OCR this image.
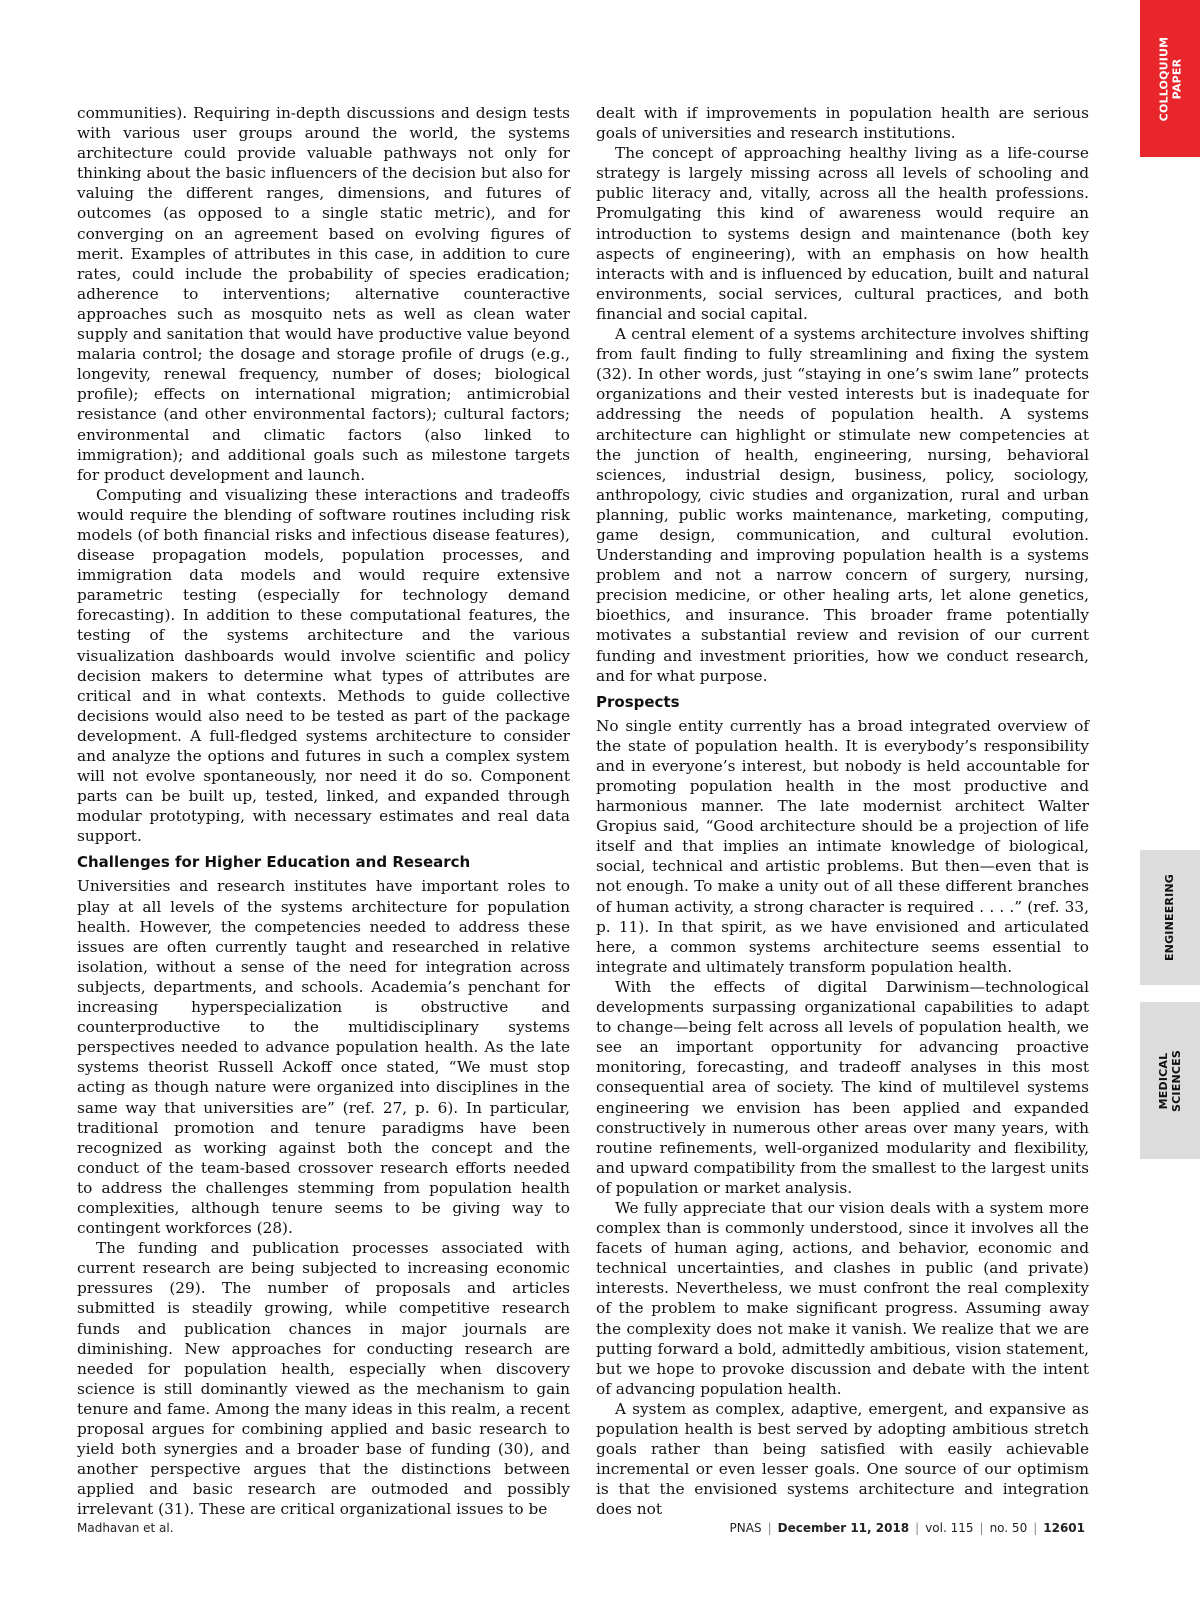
COLLOQUIUM
PAPER
ENGINEERING
MEDICAL SCIENCES

communities). Requiring in-depth discussions and design tests with various user groups around the world, the systems architecture could provide valuable pathways not only for thinking about the basic influencers of the decision but also for valuing the different ranges, dimensions, and futures of outcomes (as opposed to a single static metric), and for converging on an agreement based on evolving figures of merit. Examples of attributes in this case, in addition to cure rates, could include the probability of species eradication; adherence to interventions; alternative counteractive approaches such as mosquito nets as well as clean water supply and sanitation that would have productive value beyond malaria control; the dosage and storage profile of drugs (e.g., longevity, renewal frequency, number of doses; biological profile); effects on international migration; antimicrobial resistance (and other environmental factors); cultural factors; environmental and climatic factors (also linked to immigration); and additional goals such as milestone targets for product development and launch.

Computing and visualizing these interactions and tradeoffs would require the blending of software routines including risk models (of both financial risks and infectious disease features), disease propagation models, population processes, and immigration data models and would require extensive parametric testing (especially for technology demand forecasting). In addition to these computational features, the testing of the systems architecture and the various visualization dashboards would involve scientific and policy decision makers to determine what types of attributes are critical and in what contexts. Methods to guide collective decisions would also need to be tested as part of the package development. A full-fledged systems architecture to consider and analyze the options and futures in such a complex system will not evolve spontaneously, nor need it do so. Component parts can be built up, tested, linked, and expanded through modular prototyping, with necessary estimates and real data support.

Challenges for Higher Education and Research

Universities and research institutes have important roles to play at all levels of the systems architecture for population health. However, the competencies needed to address these issues are often currently taught and researched in relative isolation, without a sense of the need for integration across subjects, departments, and schools. Academia’s penchant for increasing hyperspecialization is obstructive and counterproductive to the multidisciplinary systems perspectives needed to advance population health. As the late systems theorist Russell Ackoff once stated, “We must stop acting as though nature were organized into disciplines in the same way that universities are” (ref. 27, p. 6). In particular, traditional promotion and tenure paradigms have been recognized as working against both the concept and the conduct of the team-based crossover research efforts needed to address the challenges stemming from population health complexities, although tenure seems to be giving way to contingent workforces (28).

The funding and publication processes associated with current research are being subjected to increasing economic pressures (29). The number of proposals and articles submitted is steadily growing, while competitive research funds and publication chances in major journals are diminishing. New approaches for conducting research are needed for population health, especially when discovery science is still dominantly viewed as the mechanism to gain tenure and fame. Among the many ideas in this realm, a recent proposal argues for combining applied and basic research to yield both synergies and a broader base of funding (30), and another perspective argues that the distinctions between applied and basic research are outmoded and possibly irrelevant (31). These are critical organizational issues to be

dealt with if improvements in population health are serious goals of universities and research institutions.

The concept of approaching healthy living as a life-course strategy is largely missing across all levels of schooling and public literacy and, vitally, across all the health professions. Promulgating this kind of awareness would require an introduction to systems design and maintenance (both key aspects of engineering), with an emphasis on how health interacts with and is influenced by education, built and natural environments, social services, cultural practices, and both financial and social capital.

A central element of a systems architecture involves shifting from fault finding to fully streamlining and fixing the system (32). In other words, just “staying in one’s swim lane” protects organizations and their vested interests but is inadequate for addressing the needs of population health. A systems architecture can highlight or stimulate new competencies at the junction of health, engineering, nursing, behavioral sciences, industrial design, business, policy, sociology, anthropology, civic studies and organization, rural and urban planning, public works maintenance, marketing, computing, game design, communication, and cultural evolution. Understanding and improving population health is a systems problem and not a narrow concern of surgery, nursing, precision medicine, or other healing arts, let alone genetics, bioethics, and insurance. This broader frame potentially motivates a substantial review and revision of our current funding and investment priorities, how we conduct research, and for what purpose.

Prospects

No single entity currently has a broad integrated overview of the state of population health. It is everybody’s responsibility and in everyone’s interest, but nobody is held accountable for promoting population health in the most productive and harmonious manner. The late modernist architect Walter Gropius said, “Good architecture should be a projection of life itself and that implies an intimate knowledge of biological, social, technical and artistic problems. But then—even that is not enough. To make a unity out of all these different branches of human activity, a strong character is required . . . .” (ref. 33, p. 11). In that spirit, as we have envisioned and articulated here, a common systems architecture seems essential to integrate and ultimately transform population health.

With the effects of digital Darwinism—technological developments surpassing organizational capabilities to adapt to change—being felt across all levels of population health, we see an important opportunity for advancing proactive monitoring, forecasting, and tradeoff analyses in this most consequential area of society. The kind of multilevel systems engineering we envision has been applied and expanded constructively in numerous other areas over many years, with routine refinements, well-organized modularity and flexibility, and upward compatibility from the smallest to the largest units of population or market analysis.

We fully appreciate that our vision deals with a system more complex than is commonly understood, since it involves all the facets of human aging, actions, and behavior, economic and technical uncertainties, and clashes in public (and private) interests. Nevertheless, we must confront the real complexity of the problem to make significant progress. Assuming away the complexity does not make it vanish. We realize that we are putting forward a bold, admittedly ambitious, vision statement, but we hope to provoke discussion and debate with the intent of advancing population health.

A system as complex, adaptive, emergent, and expansive as population health is best served by adopting ambitious stretch goals rather than being satisfied with easily achievable incremental or even lesser goals. One source of our optimism is that the envisioned systems architecture and integration does not

Madhavan et al.	PNAS | December 11, 2018 | vol. 115 | no. 50 | 12601
